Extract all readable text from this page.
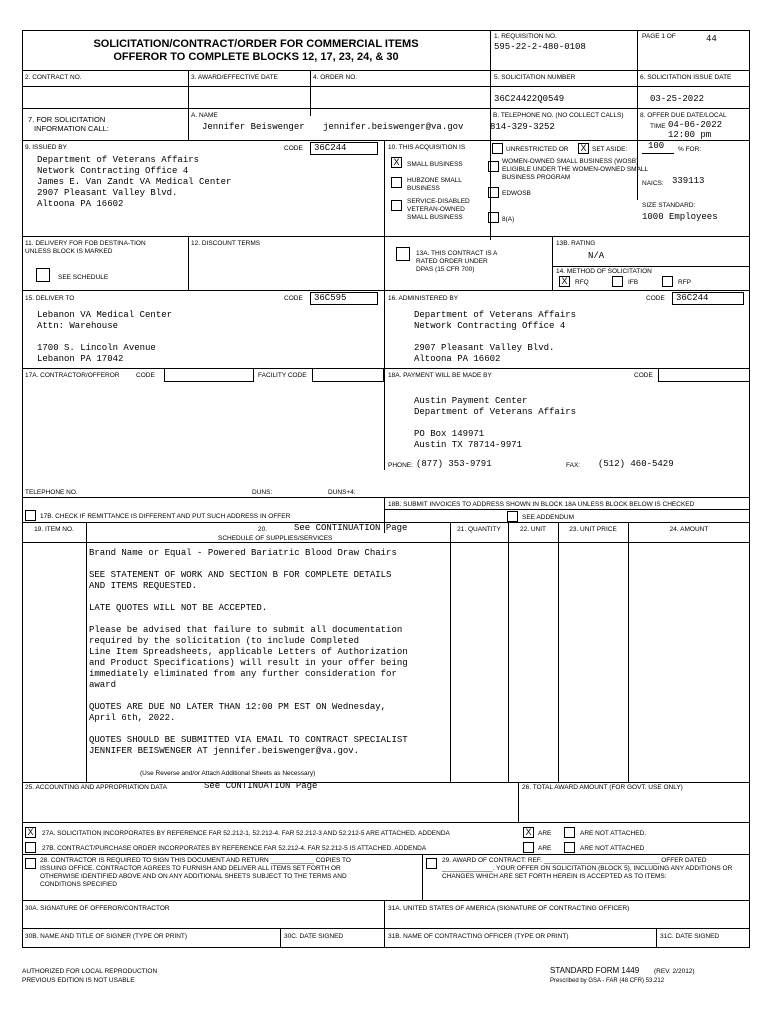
SOLICITATION/CONTRACT/ORDER FOR COMMERCIAL ITEMS
OFFEROR TO COMPLETE BLOCKS 12, 17, 23, 24, & 30
1. REQUISITION NO.
595-22-2-480-0108
PAGE 1 OF	44
2. CONTRACT NO.	3. AWARD/EFFECTIVE DATE	4. ORDER NO.	5. SOLICITATION NUMBER
36C24422Q0549
6. SOLICITATION ISSUE DATE
03-25-2022
7. FOR SOLICITATION
INFORMATION CALL:
A. NAME
Jennifer Beiswenger jennifer.beiswenger@va.gov
B. TELEPHONE NO. (NO COLLECT CALLS)
814-329-3252
8. OFFER DUE DATE/LOCAL
TIME 04-06-2022
12:00 pm
9. ISSUED BY	CODE 36C244
Department of Veterans Affairs
Network Contracting Office 4
James E. Van Zandt VA Medical Center
2907 Pleasant Valley Blvd.
Altoona PA 16602
10. THIS ACQUISITION IS	UNRESTRICTED OR X SET ASIDE: 100 % FOR:
X	SMALL BUSINESS
HUBZONE SMALL BUSINESS
SERVICE-DISABLED VETERAN-OWNED SMALL BUSINESS
WOMEN-OWNED SMALL BUSINESS (WOSB) ELIGIBLE UNDER THE WOMEN-OWNED SMALL BUSINESS PROGRAM
EDWOSB
8(A)
NAICS: 339113
SIZE STANDARD:
1000 Employees
11. DELIVERY FOR FOB DESTINA-TION UNLESS BLOCK IS MARKED
SEE SCHEDULE
12. DISCOUNT TERMS
13A. THIS CONTRACT IS A RATED ORDER UNDER DPAS (15 CFR 700)
13B. RATING
N/A
14. METHOD OF SOLICITATION
X	RFQ	IFB	RFP
15. DELIVER TO	CODE 36C595
Lebanon VA Medical Center
Attn: Warehouse
1700 S. Lincoln Avenue
Lebanon PA 17042
16. ADMINISTERED BY	CODE 36C244
Department of Veterans Affairs
Network Contracting Office 4
2907 Pleasant Valley Blvd.
Altoona PA 16602
17A. CONTRACTOR/OFFEROR	CODE	FACILITY CODE	18A. PAYMENT WILL BE MADE BY	CODE
Austin Payment Center
Department of Veterans Affairs
PO Box 149971
Austin TX 78714-9971
PHONE: (877) 353-9791	FAX: (512) 460-5429
TELEPHONE NO.	DUNS:	DUNS+4:
17B. CHECK IF REMITTANCE IS DIFFERENT AND PUT SUCH ADDRESS IN OFFER
18B. SUBMIT INVOICES TO ADDRESS SHOWN IN BLOCK 18A UNLESS BLOCK BELOW IS CHECKED
SEE ADDENDUM
19. ITEM NO.	20.	See CONTINUATION Page
SCHEDULE OF SUPPLIES/SERVICES
21. QUANTITY	22. UNIT	23. UNIT PRICE	24. AMOUNT
Brand Name or Equal - Powered Bariatric Blood Draw Chairs

SEE STATEMENT OF WORK AND SECTION B FOR COMPLETE DETAILS
AND ITEMS REQUESTED.

LATE QUOTES WILL NOT BE ACCEPTED.

Please be advised that failure to submit all documentation
required by the solicitation (to include Completed
Line Item Spreadsheets, applicable Letters of Authorization
and Product Specifications) will result in your offer being
immediately eliminated from any further consideration for
award

QUOTES ARE DUE NO LATER THAN 12:00 PM EST ON Wednesday,
April 6th, 2022.

QUOTES SHOULD BE SUBMITTED VIA EMAIL TO CONTRACT SPECIALIST
JENNIFER BEISWENGER AT jennifer.beiswenger@va.gov.
(Use Reverse and/or Attach Additional Sheets as Necessary)
25. ACCOUNTING AND APPROPRIATION DATA	See CONTINUATION Page	26. TOTAL AWARD AMOUNT (FOR GOVT. USE ONLY)
X	27A. SOLICITATION INCORPORATES BY REFERENCE FAR 52.212-1, 52.212-4. FAR 52.212-3 AND 52.212-5 ARE ATTACHED. ADDENDA	X	ARE	ARE NOT ATTACHED.
27B. CONTRACT/PURCHASE ORDER INCORPORATES BY REFERENCE FAR 52.212-4. FAR 52.212-5 IS ATTACHED. ADDENDA	ARE	ARE NOT ATTACHED
28. CONTRACTOR IS REQUIRED TO SIGN THIS DOCUMENT AND RETURN ____________ COPIES TO ISSUING OFFICE. CONTRACTOR AGREES TO FURNISH AND DELIVER ALL ITEMS SET FORTH OR OTHERWISE IDENTIFIED ABOVE AND ON ANY ADDITIONAL SHEETS SUBJECT TO THE TERMS AND CONDITIONS SPECIFIED
29. AWARD OF CONTRACT: REF. ________________________________ OFFER DATED ______________. YOUR OFFER ON SOLICITATION (BLOCK 5), INCLUDING ANY ADDITIONS OR CHANGES WHICH ARE SET FORTH HEREIN IS ACCEPTED AS TO ITEMS:
30A. SIGNATURE OF OFFEROR/CONTRACTOR	31A. UNITED STATES OF AMERICA (SIGNATURE OF CONTRACTING OFFICER)
30B. NAME AND TITLE OF SIGNER (TYPE OR PRINT)	30C. DATE SIGNED	31B. NAME OF CONTRACTING OFFICER (TYPE OR PRINT)	31C. DATE SIGNED
AUTHORIZED FOR LOCAL REPRODUCTION
PREVIOUS EDITION IS NOT USABLE
STANDARD FORM 1449 (REV. 2/2012)
Prescribed by GSA - FAR (48 CFR) 53.212
